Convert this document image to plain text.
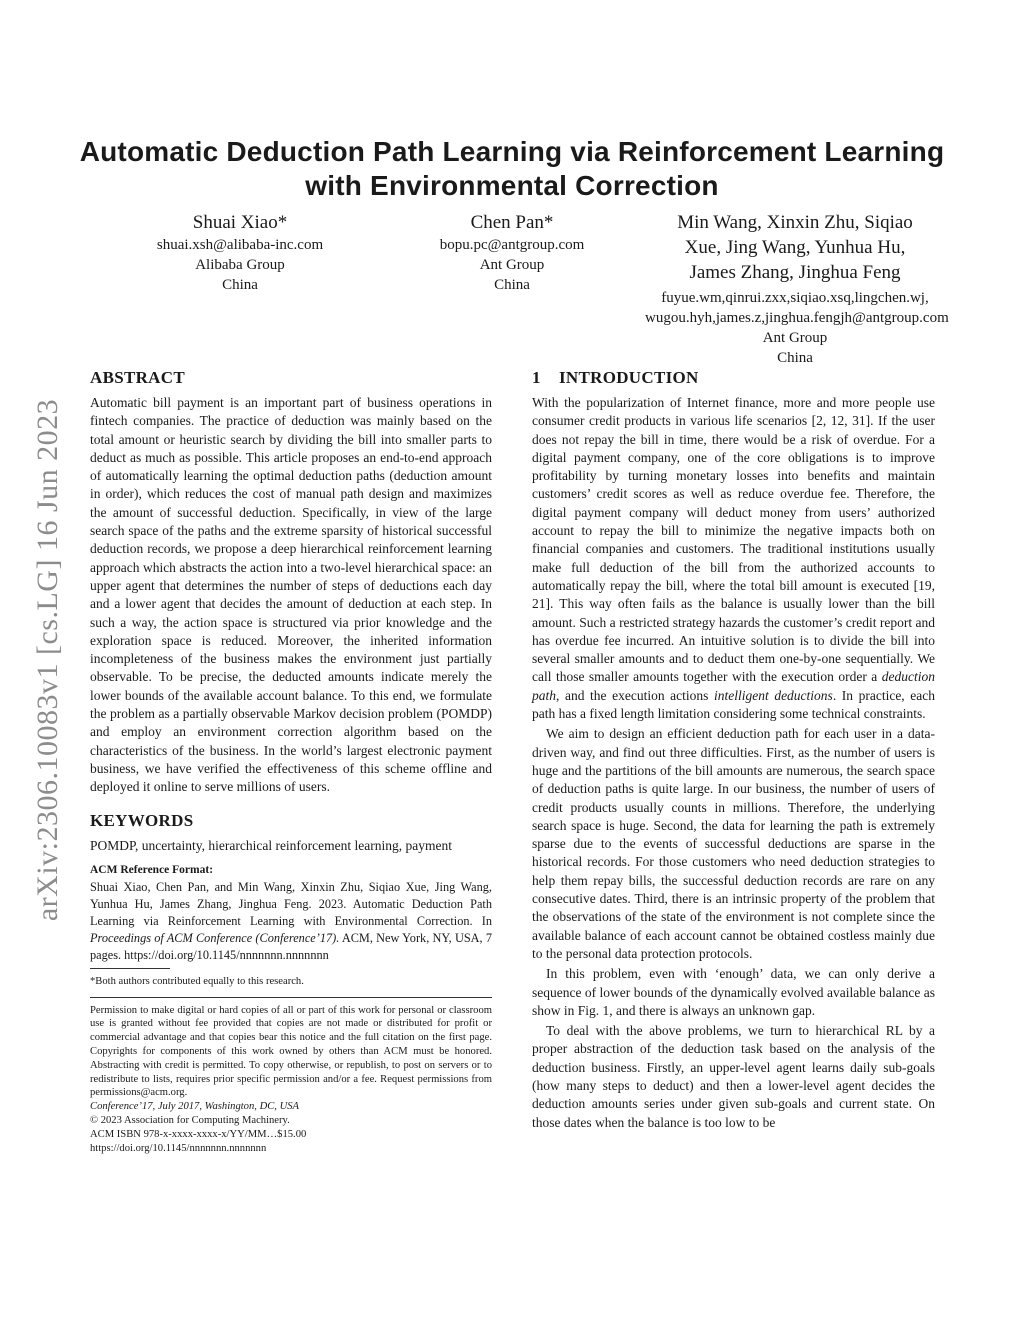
Automatic Deduction Path Learning via Reinforcement Learning with Environmental Correction
Shuai Xiao*
shuai.xsh@alibaba-inc.com
Alibaba Group
China
Chen Pan*
bopu.pc@antgroup.com
Ant Group
China
Min Wang, Xinxin Zhu, Siqiao Xue, Jing Wang, Yunhua Hu, James Zhang, Jinghua Feng
fuyue.wm,qinrui.zxx,siqiao.xsq,lingchen.wj, wugou.hyh,james.z,jinghua.fengjh@antgroup.com
Ant Group
China
arXiv:2306.10083v1 [cs.LG] 16 Jun 2023
ABSTRACT

Automatic bill payment is an important part of business operations in fintech companies. The practice of deduction was mainly based on the total amount or heuristic search by dividing the bill into smaller parts to deduct as much as possible. This article proposes an end-to-end approach of automatically learning the optimal deduction paths (deduction amount in order), which reduces the cost of manual path design and maximizes the amount of successful deduction. Specifically, in view of the large search space of the paths and the extreme sparsity of historical successful deduction records, we propose a deep hierarchical reinforcement learning approach which abstracts the action into a two-level hierarchical space: an upper agent that determines the number of steps of deductions each day and a lower agent that decides the amount of deduction at each step. In such a way, the action space is structured via prior knowledge and the exploration space is reduced. Moreover, the inherited information incompleteness of the business makes the environment just partially observable. To be precise, the deducted amounts indicate merely the lower bounds of the available account balance. To this end, we formulate the problem as a partially observable Markov decision problem (POMDP) and employ an environment correction algorithm based on the characteristics of the business. In the world’s largest electronic payment business, we have verified the effectiveness of this scheme offline and deployed it online to serve millions of users.

KEYWORDS
POMDP, uncertainty, hierarchical reinforcement learning, payment
ACM Reference Format:
Shuai Xiao, Chen Pan, and Min Wang, Xinxin Zhu, Siqiao Xue, Jing Wang, Yunhua Hu, James Zhang, Jinghua Feng. 2023. Automatic Deduction Path Learning via Reinforcement Learning with Environmental Correction. In Proceedings of ACM Conference (Conference’17). ACM, New York, NY, USA, 7 pages. https://doi.org/10.1145/nnnnnnn.nnnnnnn
*Both authors contributed equally to this research.
Permission to make digital or hard copies of all or part of this work for personal or classroom use is granted without fee provided that copies are not made or distributed for profit or commercial advantage and that copies bear this notice and the full citation on the first page. Copyrights for components of this work owned by others than ACM must be honored. Abstracting with credit is permitted. To copy otherwise, or republish, to post on servers or to redistribute to lists, requires prior specific permission and/or a fee. Request permissions from permissions@acm.org.
Conference’17, July 2017, Washington, DC, USA
© 2023 Association for Computing Machinery.
ACM ISBN 978-x-xxxx-xxxx-x/YY/MM…$15.00
https://doi.org/10.1145/nnnnnnn.nnnnnnn
1    INTRODUCTION

With the popularization of Internet finance, more and more people use consumer credit products in various life scenarios [2, 12, 31]. If the user does not repay the bill in time, there would be a risk of overdue. For a digital payment company, one of the core obligations is to improve profitability by turning monetary losses into benefits and maintain customers’ credit scores as well as reduce overdue fee. Therefore, the digital payment company will deduct money from users’ authorized account to repay the bill to minimize the negative impacts both on financial companies and customers. The traditional institutions usually make full deduction of the bill from the authorized accounts to automatically repay the bill, where the total bill amount is executed [19, 21]. This way often fails as the balance is usually lower than the bill amount. Such a restricted strategy hazards the customer’s credit report and has overdue fee incurred. An intuitive solution is to divide the bill into several smaller amounts and to deduct them one-by-one sequentially. We call those smaller amounts together with the execution order a deduction path, and the execution actions intelligent deductions. In practice, each path has a fixed length limitation considering some technical constraints.

We aim to design an efficient deduction path for each user in a data-driven way, and find out three difficulties. First, as the number of users is huge and the partitions of the bill amounts are numerous, the search space of deduction paths is quite large. In our business, the number of users of credit products usually counts in millions. Therefore, the underlying search space is huge. Second, the data for learning the path is extremely sparse due to the events of successful deductions are sparse in the historical records. For those customers who need deduction strategies to help them repay bills, the successful deduction records are rare on any consecutive dates. Third, there is an intrinsic property of the problem that the observations of the state of the environment is not complete since the available balance of each account cannot be obtained costless mainly due to the personal data protection protocols.

In this problem, even with ‘enough’ data, we can only derive a sequence of lower bounds of the dynamically evolved available balance as show in Fig. 1, and there is always an unknown gap.

To deal with the above problems, we turn to hierarchical RL by a proper abstraction of the deduction task based on the analysis of the deduction business. Firstly, an upper-level agent learns daily sub-goals (how many steps to deduct) and then a lower-level agent decides the deduction amounts series under given sub-goals and current state. On those dates when the balance is too low to be
